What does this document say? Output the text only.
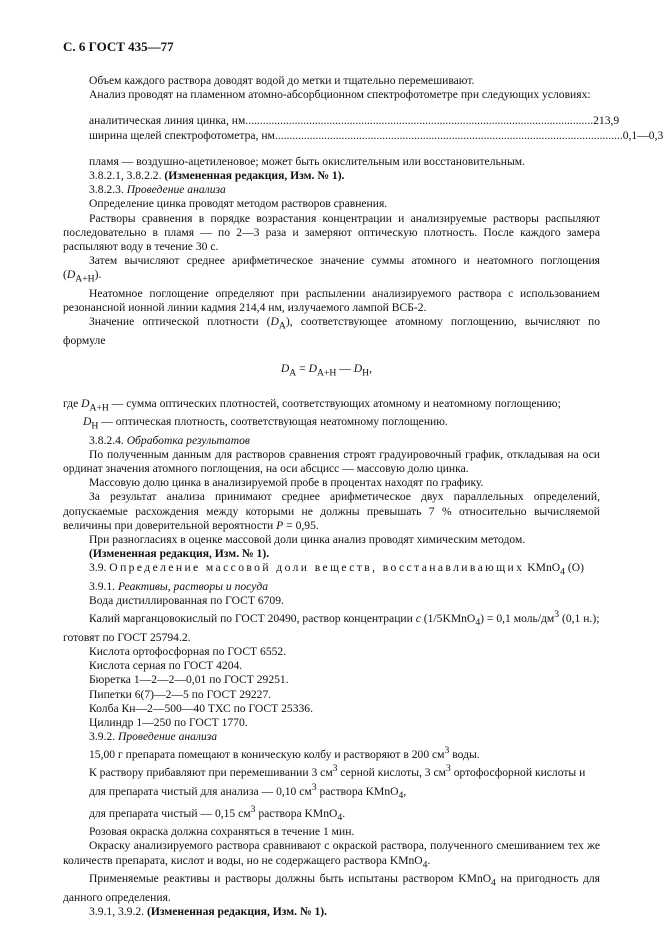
С. 6 ГОСТ 435—77

Объем каждого раствора доводят водой до метки и тщательно перемешивают.

Анализ проводят на пламенном атомно-абсорбционном спектрофотометре при следующих условиях:

аналитическая линия цинка, нм ........................................................................................................................ 213,9
ширина щелей спектрофотометра, нм ........................................................................................................................ 0,1—0,3

пламя — воздушно-ацетиленовое; может быть окислительным или восстановительным.

3.8.2.1, 3.8.2.2. (Измененная редакция, Изм. № 1).

3.8.2.3. Проведение анализа

Определение цинка проводят методом растворов сравнения.

Растворы сравнения в порядке возрастания концентрации и анализируемые растворы распыляют последовательно в пламя — по 2—3 раза и замеряют оптическую плотность. После каждого замера распыляют воду в течение 30 с.

Затем вычисляют среднее арифметическое значение суммы атомного и неатомного поглощения $(D_{А+Н})$.

Неатомное поглощение определяют при распылении анализируемого раствора с использованием резонансной ионной линии кадмия 214,4 нм, излучаемого лампой ВСБ-2.

Значение оптической плотности $(D_А)$, соответствующее атомному поглощению, вычисляют по формуле

$D_А = D_{А+Н}$ — $D_Н$,

где $D_{А+Н}$ — сумма оптических плотностей, соответствующих атомному и неатомному поглощению;

$D_Н$ — оптическая плотность, соответствующая неатомному поглощению.

3.8.2.4. Обработка результатов

По полученным данным для растворов сравнения строят градуировочный график, откладывая на оси ординат значения атомного поглощения, на оси абсцисс — массовую долю цинка.

Массовую долю цинка в анализируемой пробе в процентах находят по графику.

За результат анализа принимают среднее арифметическое двух параллельных определений, допускаемые расхождения между которыми не должны превышать 7 % относительно вычисляемой величины при доверительной вероятности P = 0,95.

При разногласиях в оценке массовой доли цинка анализ проводят химическим методом.

(Измененная редакция, Изм. № 1).

3.9. Определение массовой доли веществ, восстанавливающих KMnO$_4$ (О)

3.9.1. Реактивы, растворы и посуда

Вода дистиллированная по ГОСТ 6709.

Калий марганцовокислый по ГОСТ 20490, раствор концентрации c (1/5KMnO$_4$) = 0,1 моль/$дм^3$ (0,1 н.); готовят по ГОСТ 25794.2.

Кислота ортофосфорная по ГОСТ 6552.

Кислота серная по ГОСТ 4204.

Бюретка 1—2—2—0,01 по ГОСТ 29251.

Пипетки 6(7)—2—5 по ГОСТ 29227.

Колба Кн—2—500—40 ТХС по ГОСТ 25336.

Цилиндр 1—250 по ГОСТ 1770.

3.9.2. Проведение анализа

15,00 г препарата помещают в коническую колбу и растворяют в 200 $см^3$ воды.

К раствору прибавляют при перемешивании 3 $см^3$ серной кислоты, 3 $см^3$ ортофосфорной кислоты и

для препарата чистый для анализа — 0,10 $см^3$ раствора KMnO$_4$,

для препарата чистый — 0,15 $см^3$ раствора KMnO$_4$.

Розовая окраска должна сохраняться в течение 1 мин.

Окраску анализируемого раствора сравнивают с окраской раствора, полученного смешиванием тех же количеств препарата, кислот и воды, но не содержащего раствора KMnO$_4$.

Применяемые реактивы и растворы должны быть испытаны раствором KMnO$_4$ на пригодность для данного определения.

3.9.1, 3.9.2. (Измененная редакция, Изм. № 1).
